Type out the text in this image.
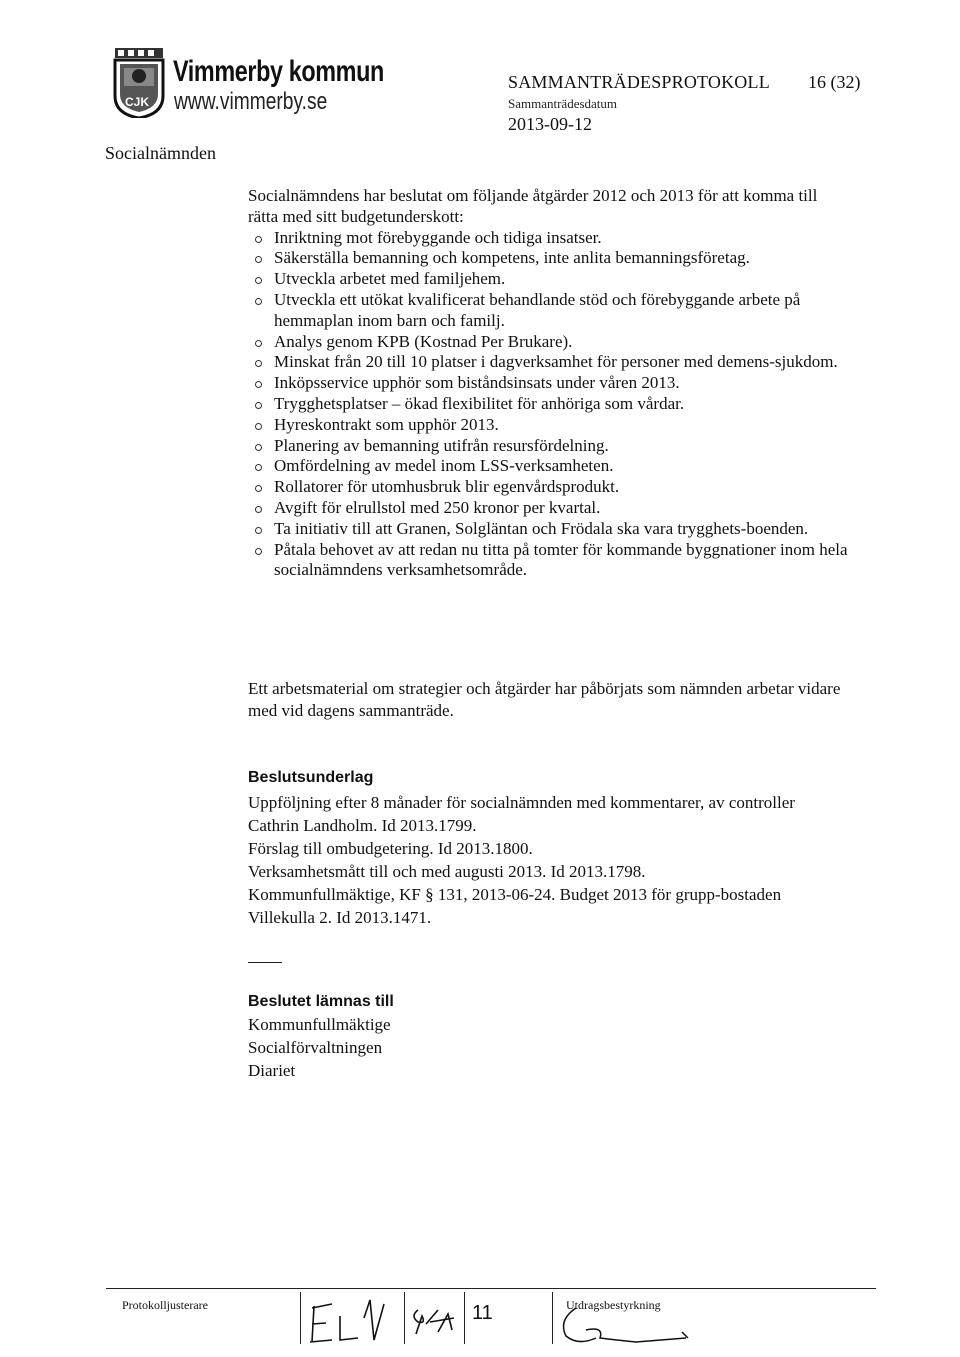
CJK
Vimmerby kommun
www.vimmerby.se
Socialnämnden
SAMMANTRÄDESPROTOKOLL 16 (32)
Sammanträdesdatum
2013-09-12

Socialnämndens har beslutat om följande åtgärder 2012 och 2013 för att komma till rätta med sitt budgetunderskott:

Inriktning mot förebyggande och tidiga insatser.
Säkerställa bemanning och kompetens, inte anlita bemanningsföretag.
Utveckla arbetet med familjehem.
Utveckla ett utökat kvalificerat behandlande stöd och förebyggande arbete på hemmaplan inom barn och familj.
Analys genom KPB (Kostnad Per Brukare).
Minskat från 20 till 10 platser i dagverksamhet för personer med demens-sjukdom.
Inköpsservice upphör som biståndsinsats under våren 2013.
Trygghetsplatser – ökad flexibilitet för anhöriga som vårdar.
Hyreskontrakt som upphör 2013.
Planering av bemanning utifrån resursfördelning.
Omfördelning av medel inom LSS-verksamheten.
Rollatorer för utomhusbruk blir egenvårdsprodukt.
Avgift för elrullstol med 250 kronor per kvartal.
Ta initiativ till att Granen, Solgläntan och Frödala ska vara trygghets-boenden.
Påtala behovet av att redan nu titta på tomter för kommande byggnationer inom hela socialnämndens verksamhetsområde.
Ett arbetsmaterial om strategier och åtgärder har påbörjats som nämnden arbetar vidare med vid dagens sammanträde.
Beslutsunderlag
Uppföljning efter 8 månader för socialnämnden med kommentarer, av controller Cathrin Landholm. Id 2013.1799.
Förslag till ombudgetering. Id 2013.1800.
Verksamhetsmått till och med augusti 2013. Id 2013.1798.
Kommunfullmäktige, KF § 131, 2013-06-24. Budget 2013 för grupp-bostaden Villekulla 2. Id 2013.1471.
Beslutet lämnas till
Kommunfullmäktige
Socialförvaltningen
Diariet
Protokolljusterare	11	Utdragsbestyrkning
